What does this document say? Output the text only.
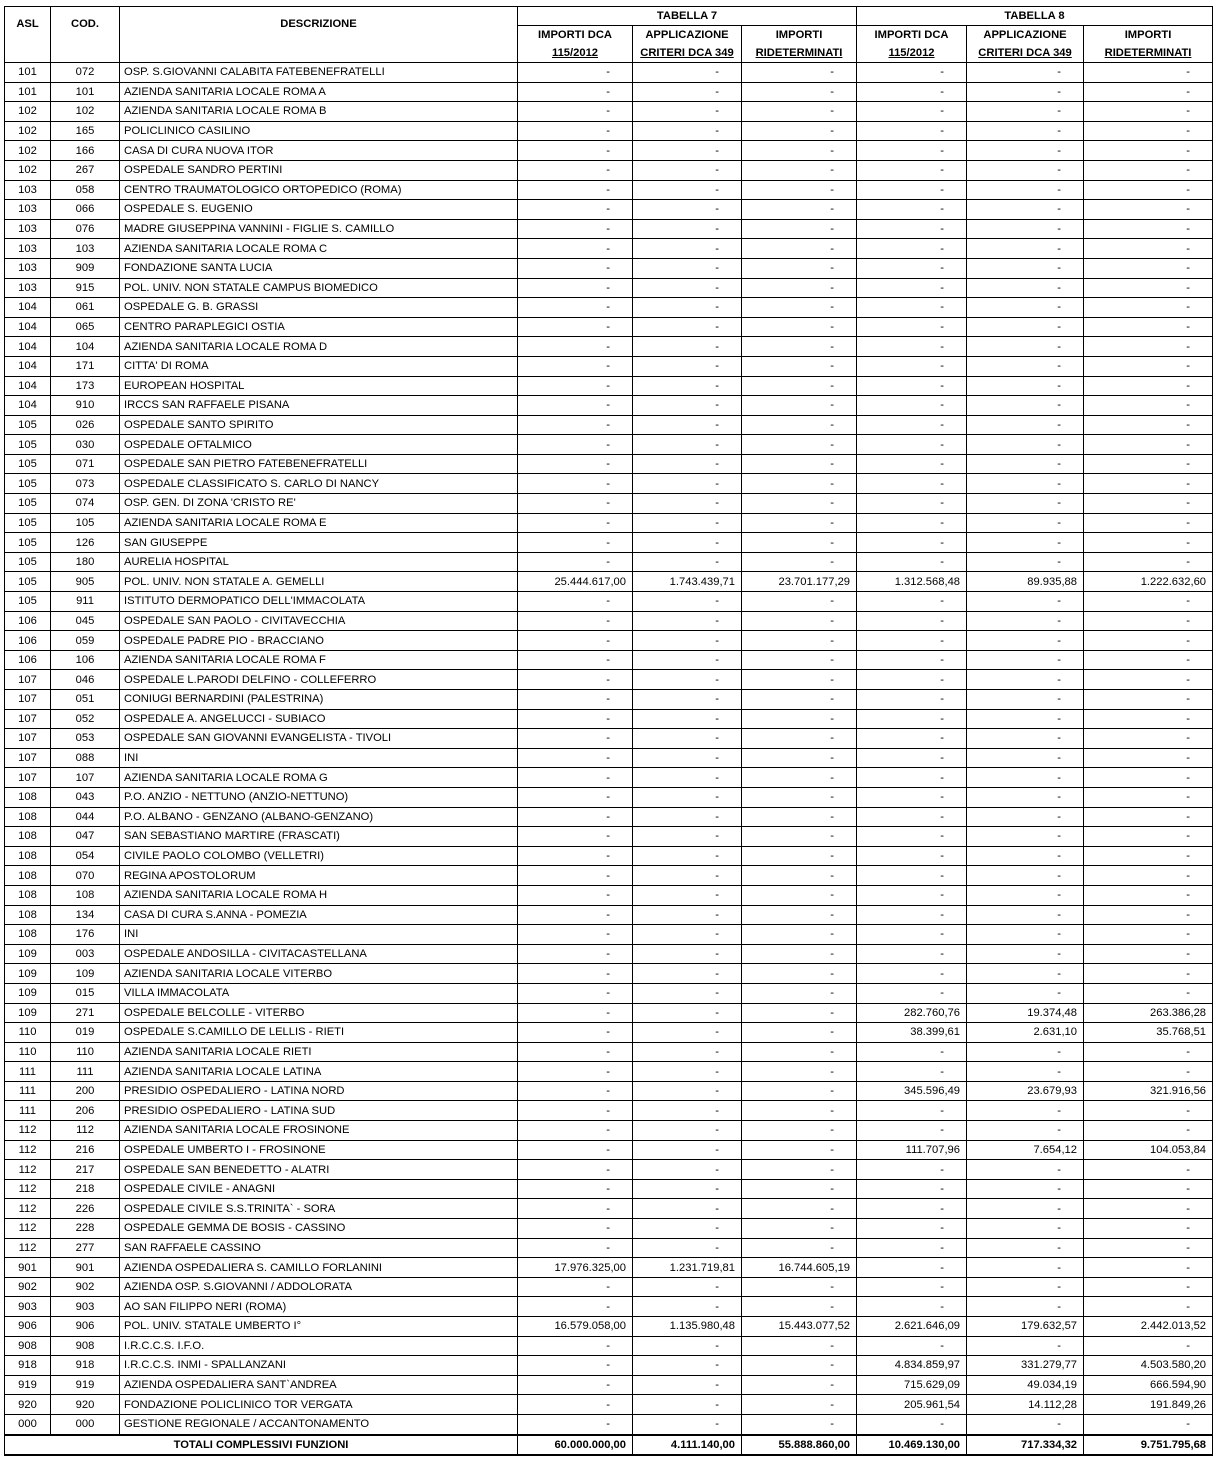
ASL	COD.	DESCRIZIONE	TABELLA 7			TABELLA 8		
			IMPORTI DCA	APPLICAZIONE	IMPORTI	IMPORTI DCA	APPLICAZIONE	IMPORTI
			115/2012	CRITERI DCA 349	RIDETERMINATI	115/2012	CRITERI DCA 349	RIDETERMINATI
101	072	OSP. S.GIOVANNI CALABITA FATEBENEFRATELLI	-	-	-	-	-	-
101	101	AZIENDA SANITARIA LOCALE ROMA A	-	-	-	-	-	-
102	102	AZIENDA SANITARIA LOCALE ROMA B	-	-	-	-	-	-
102	165	POLICLINICO CASILINO	-	-	-	-	-	-
102	166	CASA DI CURA NUOVA ITOR	-	-	-	-	-	-
102	267	OSPEDALE SANDRO PERTINI	-	-	-	-	-	-
103	058	CENTRO TRAUMATOLOGICO ORTOPEDICO (ROMA)	-	-	-	-	-	-
103	066	OSPEDALE S. EUGENIO	-	-	-	-	-	-
103	076	MADRE GIUSEPPINA VANNINI - FIGLIE S. CAMILLO	-	-	-	-	-	-
103	103	AZIENDA SANITARIA LOCALE ROMA C	-	-	-	-	-	-
103	909	FONDAZIONE SANTA LUCIA	-	-	-	-	-	-
103	915	POL. UNIV. NON STATALE CAMPUS BIOMEDICO	-	-	-	-	-	-
104	061	OSPEDALE G. B. GRASSI	-	-	-	-	-	-
104	065	CENTRO PARAPLEGICI OSTIA	-	-	-	-	-	-
104	104	AZIENDA SANITARIA LOCALE ROMA D	-	-	-	-	-	-
104	171	CITTA' DI ROMA	-	-	-	-	-	-
104	173	EUROPEAN HOSPITAL	-	-	-	-	-	-
104	910	IRCCS SAN RAFFAELE PISANA	-	-	-	-	-	-
105	026	OSPEDALE SANTO SPIRITO	-	-	-	-	-	-
105	030	OSPEDALE OFTALMICO	-	-	-	-	-	-
105	071	OSPEDALE SAN PIETRO FATEBENEFRATELLI	-	-	-	-	-	-
105	073	OSPEDALE CLASSIFICATO S. CARLO DI NANCY	-	-	-	-	-	-
105	074	OSP. GEN. DI ZONA 'CRISTO RE'	-	-	-	-	-	-
105	105	AZIENDA SANITARIA LOCALE ROMA E	-	-	-	-	-	-
105	126	SAN GIUSEPPE	-	-	-	-	-	-
105	180	AURELIA HOSPITAL	-	-	-	-	-	-
105	905	POL. UNIV. NON STATALE A. GEMELLI	25.444.617,00	1.743.439,71	23.701.177,29	1.312.568,48	89.935,88	1.222.632,60
105	911	ISTITUTO DERMOPATICO DELL'IMMACOLATA	-	-	-	-	-	-
106	045	OSPEDALE SAN PAOLO - CIVITAVECCHIA	-	-	-	-	-	-
106	059	OSPEDALE PADRE PIO - BRACCIANO	-	-	-	-	-	-
106	106	AZIENDA SANITARIA LOCALE ROMA F	-	-	-	-	-	-
107	046	OSPEDALE L.PARODI DELFINO - COLLEFERRO	-	-	-	-	-	-
107	051	CONIUGI BERNARDINI (PALESTRINA)	-	-	-	-	-	-
107	052	OSPEDALE A. ANGELUCCI - SUBIACO	-	-	-	-	-	-
107	053	OSPEDALE SAN GIOVANNI EVANGELISTA - TIVOLI	-	-	-	-	-	-
107	088	INI	-	-	-	-	-	-
107	107	AZIENDA SANITARIA LOCALE ROMA G	-	-	-	-	-	-
108	043	P.O. ANZIO - NETTUNO (ANZIO-NETTUNO)	-	-	-	-	-	-
108	044	P.O. ALBANO - GENZANO (ALBANO-GENZANO)	-	-	-	-	-	-
108	047	SAN SEBASTIANO MARTIRE (FRASCATI)	-	-	-	-	-	-
108	054	CIVILE PAOLO COLOMBO (VELLETRI)	-	-	-	-	-	-
108	070	REGINA APOSTOLORUM	-	-	-	-	-	-
108	108	AZIENDA SANITARIA LOCALE ROMA H	-	-	-	-	-	-
108	134	CASA DI CURA S.ANNA - POMEZIA	-	-	-	-	-	-
108	176	INI	-	-	-	-	-	-
109	003	OSPEDALE ANDOSILLA - CIVITACASTELLANA	-	-	-	-	-	-
109	109	AZIENDA SANITARIA LOCALE VITERBO	-	-	-	-	-	-
109	015	VILLA IMMACOLATA	-	-	-	-	-	-
109	271	OSPEDALE BELCOLLE - VITERBO	-	-	-	282.760,76	19.374,48	263.386,28
110	019	OSPEDALE S.CAMILLO DE LELLIS - RIETI	-	-	-	38.399,61	2.631,10	35.768,51
110	110	AZIENDA SANITARIA LOCALE RIETI	-	-	-	-	-	-
111	111	AZIENDA SANITARIA LOCALE LATINA	-	-	-	-	-	-
111	200	PRESIDIO OSPEDALIERO - LATINA NORD	-	-	-	345.596,49	23.679,93	321.916,56
111	206	PRESIDIO OSPEDALIERO - LATINA SUD	-	-	-	-	-	-
112	112	AZIENDA SANITARIA LOCALE FROSINONE	-	-	-	-	-	-
112	216	OSPEDALE UMBERTO I - FROSINONE	-	-	-	111.707,96	7.654,12	104.053,84
112	217	OSPEDALE SAN BENEDETTO - ALATRI	-	-	-	-	-	-
112	218	OSPEDALE CIVILE - ANAGNI	-	-	-	-	-	-
112	226	OSPEDALE CIVILE S.S.TRINITA` - SORA	-	-	-	-	-	-
112	228	OSPEDALE GEMMA DE BOSIS - CASSINO	-	-	-	-	-	-
112	277	SAN RAFFAELE CASSINO	-	-	-	-	-	-
901	901	AZIENDA OSPEDALIERA S. CAMILLO FORLANINI	17.976.325,00	1.231.719,81	16.744.605,19	-	-	-
902	902	AZIENDA OSP. S.GIOVANNI / ADDOLORATA	-	-	-	-	-	-
903	903	AO SAN FILIPPO NERI (ROMA)	-	-	-	-	-	-
906	906	POL. UNIV. STATALE UMBERTO I°	16.579.058,00	1.135.980,48	15.443.077,52	2.621.646,09	179.632,57	2.442.013,52
908	908	I.R.C.C.S. I.F.O.	-	-	-	-	-	-
918	918	I.R.C.C.S. INMI - SPALLANZANI	-	-	-	4.834.859,97	331.279,77	4.503.580,20
919	919	AZIENDA OSPEDALIERA SANT`ANDREA	-	-	-	715.629,09	49.034,19	666.594,90
920	920	FONDAZIONE POLICLINICO TOR VERGATA	-	-	-	205.961,54	14.112,28	191.849,26
000	000	GESTIONE REGIONALE / ACCANTONAMENTO	-	-	-	-	-	-
TOTALI COMPLESSIVI FUNZIONI			60.000.000,00	4.111.140,00	55.888.860,00	10.469.130,00	717.334,32	9.751.795,68
